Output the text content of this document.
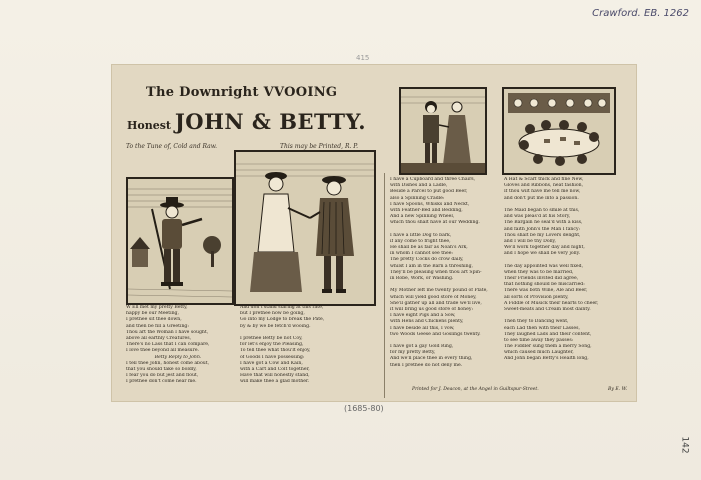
Crawford. EB. 1262
415
The Downright VVOOING
Honest JOHN & BETTY.
To the Tune of, Cold and Raw.	This may be Printed, R. P.
W Ell met my pretty Betty,
happy be our Meeting,
I prethee sit thee down,
and then be fill a Greeting:
Thou art the Woman I have sought,
above all earthly Creatures,
There's no Lass that I can compare,
I love thee beyond all measure.
Betty Reply to John.
I tell thee John, honest come about,
that you should take so boldly,
I fear you do but jest and flout,
I prethee don't come near me.
And don't stand staring at this rate,
but I prethee now be going,
Go into my Lodge to break the Pate,
by & by we be fetch'd wooing.
I prethee Betty be not Coy,
for let's enjoy the Pleasing,
To tell thee what thou'lt enjoy,
of Goods I have possessing:
I have got a Cow and Kain,
with a Cart and Colt together,
Have that will honestly stand,
will make thee a glad mother.
I have a Cupboard and three Chairs,
with Dishes and a Ladle,
Beside a Parcel to put good Beer,
also a Spinning Cradle:
I have Spoons, Whisks and Neckt,
with Feather-Bed and Bedding,
And a new Spinning Wheel,
which thou shalt have at our Wedding.
I have a little Dog to bark,
if any come to fright thee,
He shall be as fair as Noah's Ark,
in whom I cannot see thee:
The pretty Cocks do crow daily,
whilst I am in the Barn a threshing,
They'll be pleasing when thou art Spin-
in Robe, Work, or Washing.
My Mother left me twenty pound of Plate,
which will yield good store of Money,
She'll gather up all and trade we'll live,
it will bring us good store of honey:
I have eight Pigs and a Sow,
with Hens and Chickens plenty,
I have beside all this, I vow,
two Woods Geese and Goslings twenty.
I have got a gay Gold Ring,
for my pretty Betty,
And we'll place thee in every thing,
then I prethee do not deny me.
A Hat & Scarf thick and fine New,
Gloves and Ribbons, neat fashion,
If thou wilt have me tell me now,
and don't put me into a passion.
The Maid began to smile at this,
and was pleas'd at his Story,
The Bargain he seal'd with a kiss,
and faith John's the Man I fancy:
Thou shalt be my Lovers delight,
and I will be thy Dolly,
We'll work together day and night,
and I hope we shall be very jolly.
The day appointed was well fixed,
when they was to be married,
Their Friends invited did agree,
that nothing should be miscarried:
There was both Wine, Ale and Beer,
all sorts of Provision plenty,
A Fiddle of Musick their hearts to cheer,
Sweet-meats and Cream most dainty.
Then they to Dancing went,
each Lad then with their Lasses,
They laughed Lads and their content,
to see time away they passes:
The Fiddler sung them a merry Song,
which caused much Laughter,
And John began Betty's Health long,
Printed for J. Deacon, at the Angel in Guiltspur-Street.	By E. W.
(1685-80)
142
